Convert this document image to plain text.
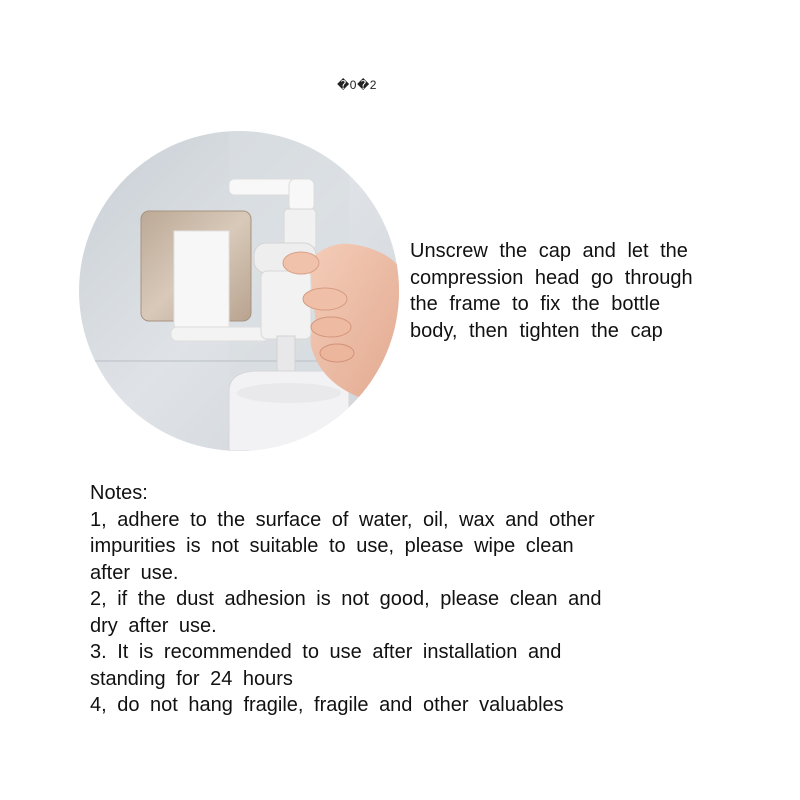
�0�2
Unscrew the cap and let the
compression head go through
the frame to fix the bottle
body, then tighten the cap
Notes:
1, adhere to the surface of water, oil, wax and other
impurities is not suitable to use, please wipe clean
after use.
2, if the dust adhesion is not good, please clean and
dry after use.
3. It is recommended to use after installation and
standing for 24 hours
4, do not hang fragile, fragile and other valuables
